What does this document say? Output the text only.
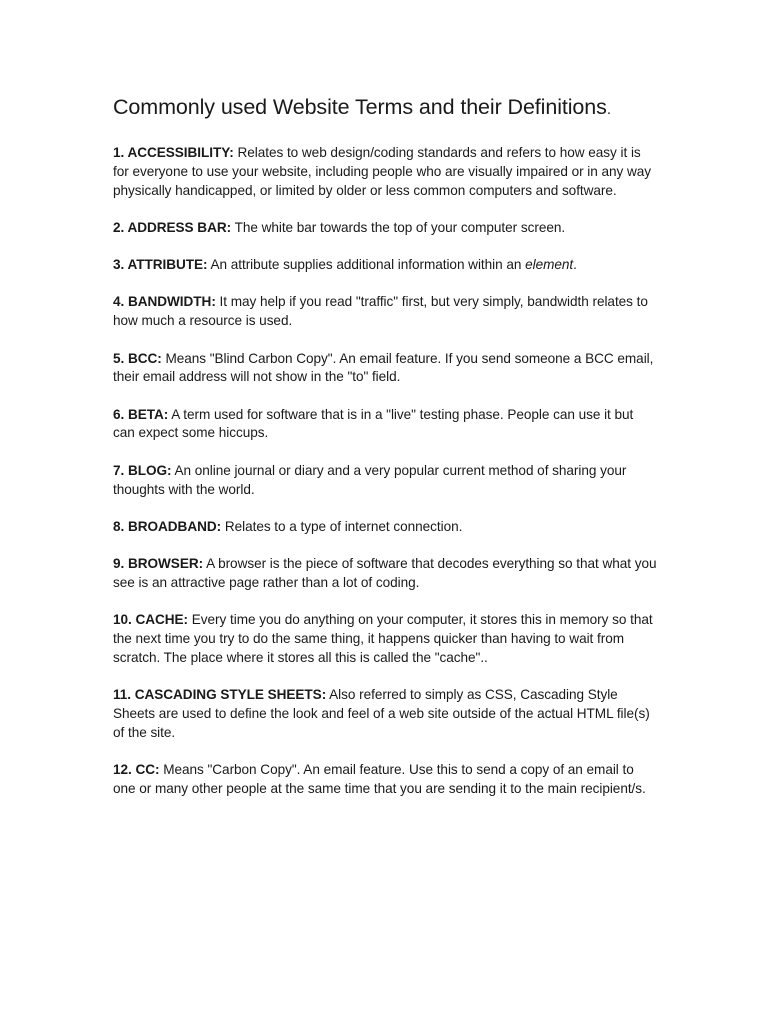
Commonly used Website Terms and their Definitions.

1. ACCESSIBILITY: Relates to web design/coding standards and refers to how easy it is for everyone to use your website, including people who are visually impaired or in any way physically handicapped, or limited by older or less common computers and software.

2. ADDRESS BAR: The white bar towards the top of your computer screen.

3. ATTRIBUTE: An attribute supplies additional information within an element.

4. BANDWIDTH: It may help if you read "traffic" first, but very simply, bandwidth relates to how much a resource is used.

5. BCC: Means "Blind Carbon Copy". An email feature. If you send someone a BCC email, their email address will not show in the "to" field.

6. BETA: A term used for software that is in a "live" testing phase. People can use it but can expect some hiccups.

7. BLOG: An online journal or diary and a very popular current method of sharing your thoughts with the world.

8. BROADBAND: Relates to a type of internet connection.

9. BROWSER: A browser is the piece of software that decodes everything so that what you see is an attractive page rather than a lot of coding.

10. CACHE: Every time you do anything on your computer, it stores this in memory so that the next time you try to do the same thing, it happens quicker than having to wait from scratch. The place where it stores all this is called the "cache"..

11. CASCADING STYLE SHEETS: Also referred to simply as CSS, Cascading Style Sheets are used to define the look and feel of a web site outside of the actual HTML file(s) of the site.

12. CC: Means "Carbon Copy". An email feature. Use this to send a copy of an email to one or many other people at the same time that you are sending it to the main recipient/s.
